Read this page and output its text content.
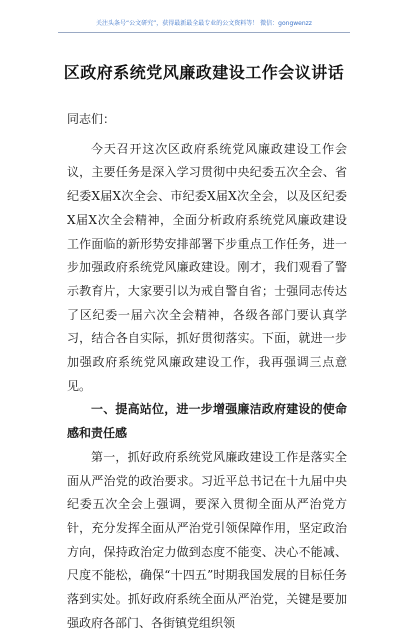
关注头条号“公文研究”，获得最新最全最专业的公文资料等！ 微信：gongwenzz
区政府系统党风廉政建设工作会议讲话

同志们：

今天召开这次区政府系统党风廉政建设工作会议，主要任务是深入学习贯彻中央纪委五次全会、省纪委X届X次全会、市纪委X届X次全会，以及区纪委X届X次全会精神，全面分析政府系统党风廉政建设工作面临的新形势安排部署下步重点工作任务，进一步加强政府系统党风廉政建设。刚才，我们观看了警示教育片，大家要引以为戒自警自省；士强同志传达了区纪委一届六次全会精神，各级各部门要认真学习，结合各自实际，抓好贯彻落实。下面，就进一步加强政府系统党风廉政建设工作，我再强调三点意见。

一、提高站位，进一步增强廉洁政府建设的使命感和责任感

第一，抓好政府系统党风廉政建设工作是落实全面从严治党的政治要求。习近平总书记在十九届中央纪委五次全会上强调，要深入贯彻全面从严治党方针，充分发挥全面从严治党引领保障作用，坚定政治方向，保持政治定力做到态度不能变、决心不能减、尺度不能松，确保“十四五”时期我国发展的目标任务落到实处。抓好政府系统全面从严治党，关键是要加强政府各部门、各街镇党组织领
